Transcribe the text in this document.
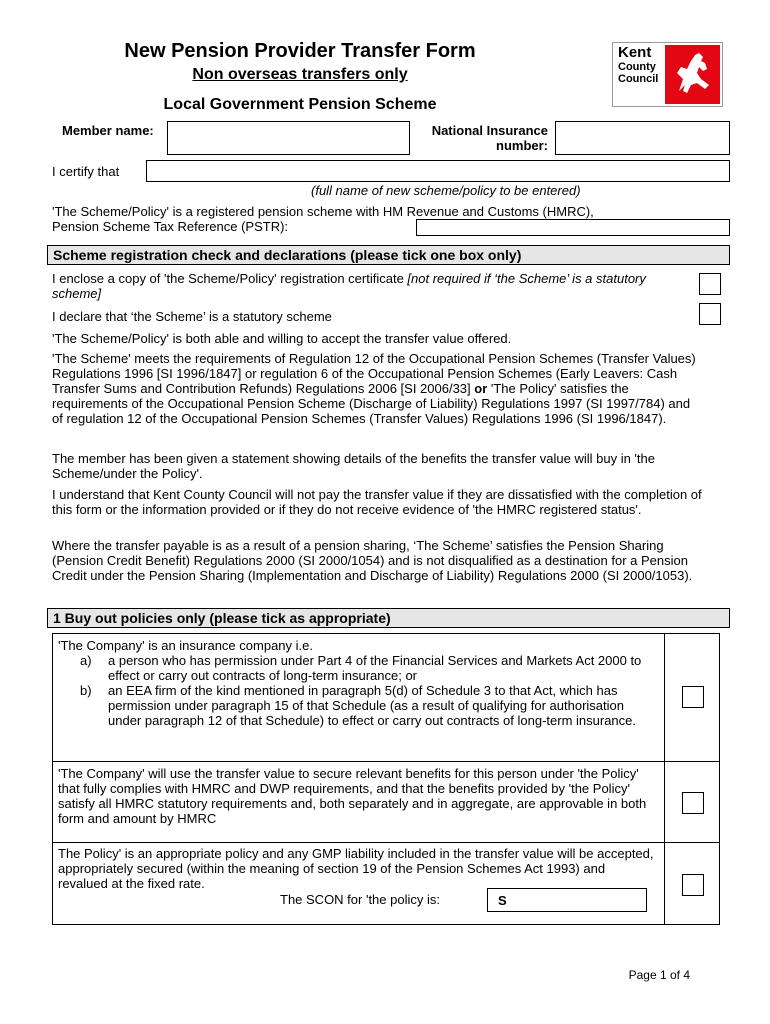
New Pension Provider Transfer Form
Non overseas transfers only
Local Government Pension Scheme
Kent
County
Council
Member name:	National Insurance
number:
I certify that
(full name of new scheme/policy to be entered)
'The Scheme/Policy' is a registered pension scheme with HM Revenue and Customs (HMRC), Pension Scheme Tax Reference (PSTR):
Scheme registration check and declarations (please tick one box only)
I enclose a copy of 'the Scheme/Policy' registration certificate [not required if ‘the Scheme’ is a statutory scheme]
I declare that ‘the Scheme’ is a statutory scheme
'The Scheme/Policy' is both able and willing to accept the transfer value offered.
'The Scheme' meets the requirements of Regulation 12 of the Occupational Pension Schemes (Transfer Values) Regulations 1996 [SI 1996/1847] or regulation 6 of the Occupational Pension Schemes (Early Leavers: Cash Transfer Sums and Contribution Refunds) Regulations 2006 [SI 2006/33] or 'The Policy' satisfies the requirements of the Occupational Pension Scheme (Discharge of Liability) Regulations 1997 (SI 1997/784) and of regulation 12 of the Occupational Pension Schemes (Transfer Values) Regulations 1996 (SI 1996/1847).
The member has been given a statement showing details of the benefits the transfer value will buy in 'the Scheme/under the Policy'.
I understand that Kent County Council will not pay the transfer value if they are dissatisfied with the completion of this form or the information provided or if they do not receive evidence of 'the HMRC registered status'.
Where the transfer payable is as a result of a pension sharing, ‘The Scheme’ satisfies the Pension Sharing (Pension Credit Benefit) Regulations 2000 (SI 2000/1054) and is not disqualified as a destination for a Pension Credit under the Pension Sharing (Implementation and Discharge of Liability) Regulations 2000 (SI 2000/1053).
1 Buy out policies only (please tick as appropriate)
'The Company' is an insurance company i.e.
a) a person who has permission under Part 4 of the Financial Services and Markets Act 2000 to effect or carry out contracts of long-term insurance; or
b) an EEA firm of the kind mentioned in paragraph 5(d) of Schedule 3 to that Act, which has permission under paragraph 15 of that Schedule (as a result of qualifying for authorisation under paragraph 12 of that Schedule) to effect or carry out contracts of long-term insurance.
'The Company' will use the transfer value to secure relevant benefits for this person under 'the Policy' that fully complies with HMRC and DWP requirements, and that the benefits provided by 'the Policy' satisfy all HMRC statutory requirements and, both separately and in aggregate, are approvable in both form and amount by HMRC
The Policy' is an appropriate policy and any GMP liability included in the transfer value will be accepted, appropriately secured (within the meaning of section 19 of the Pension Schemes Act 1993) and revalued at the fixed rate.
The SCON for 'the policy is:	S
Page 1 of 4
